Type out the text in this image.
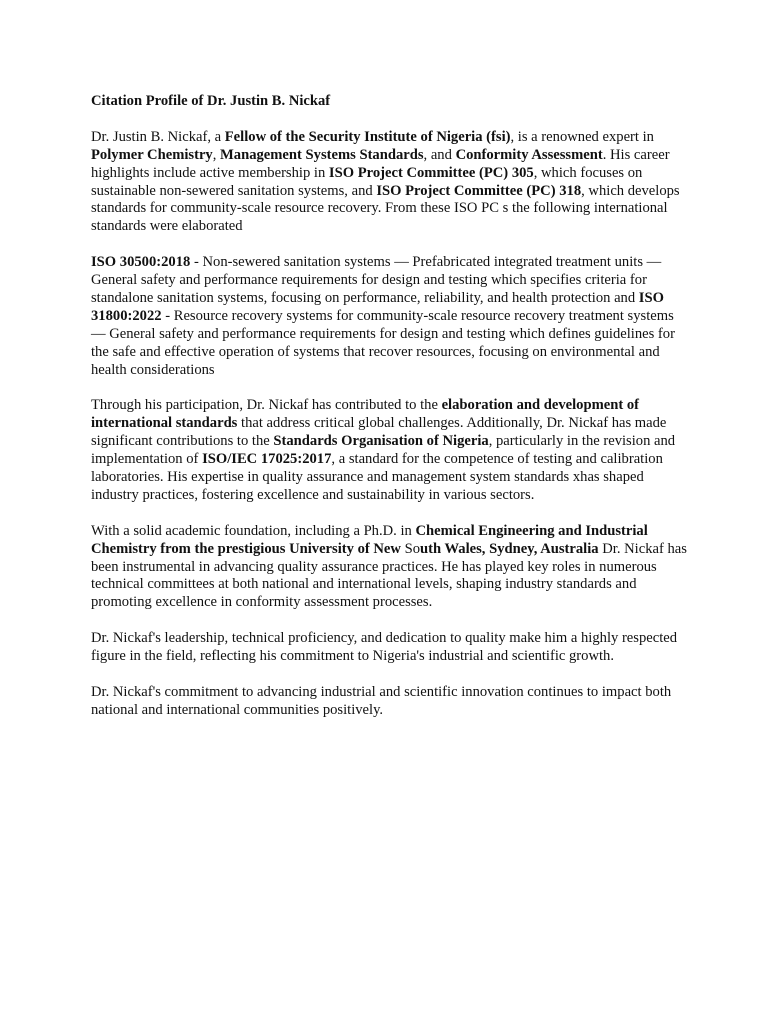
Citation Profile of Dr. Justin B. Nickaf

Dr. Justin B. Nickaf, a Fellow of the Security Institute of Nigeria (fsi), is a renowned expert in Polymer Chemistry, Management Systems Standards, and Conformity Assessment. His career highlights include active membership in ISO Project Committee (PC) 305, which focuses on sustainable non-sewered sanitation systems, and ISO Project Committee (PC) 318, which develops standards for community-scale resource recovery. From these ISO PC s the following international standards were elaborated

ISO 30500:2018 - Non-sewered sanitation systems — Prefabricated integrated treatment units — General safety and performance requirements for design and testing which specifies criteria for standalone sanitation systems, focusing on performance, reliability, and health protection and ISO 31800:2022 - Resource recovery systems for community-scale resource recovery treatment systems — General safety and performance requirements for design and testing which defines guidelines for the safe and effective operation of systems that recover resources, focusing on environmental and health considerations

Through his participation, Dr. Nickaf has contributed to the elaboration and development of international standards that address critical global challenges. Additionally, Dr. Nickaf has made significant contributions to the Standards Organisation of Nigeria, particularly in the revision and implementation of ISO/IEC 17025:2017, a standard for the competence of testing and calibration laboratories. His expertise in quality assurance and management system standards xhas shaped industry practices, fostering excellence and sustainability in various sectors.

With a solid academic foundation, including a Ph.D. in Chemical Engineering and Industrial Chemistry from the prestigious University of New South Wales, Sydney, Australia Dr. Nickaf has been instrumental in advancing quality assurance practices. He has played key roles in numerous technical committees at both national and international levels, shaping industry standards and promoting excellence in conformity assessment processes.

Dr. Nickaf's leadership, technical proficiency, and dedication to quality make him a highly respected figure in the field, reflecting his commitment to Nigeria's industrial and scientific growth.

Dr. Nickaf's commitment to advancing industrial and scientific innovation continues to impact both national and international communities positively.
